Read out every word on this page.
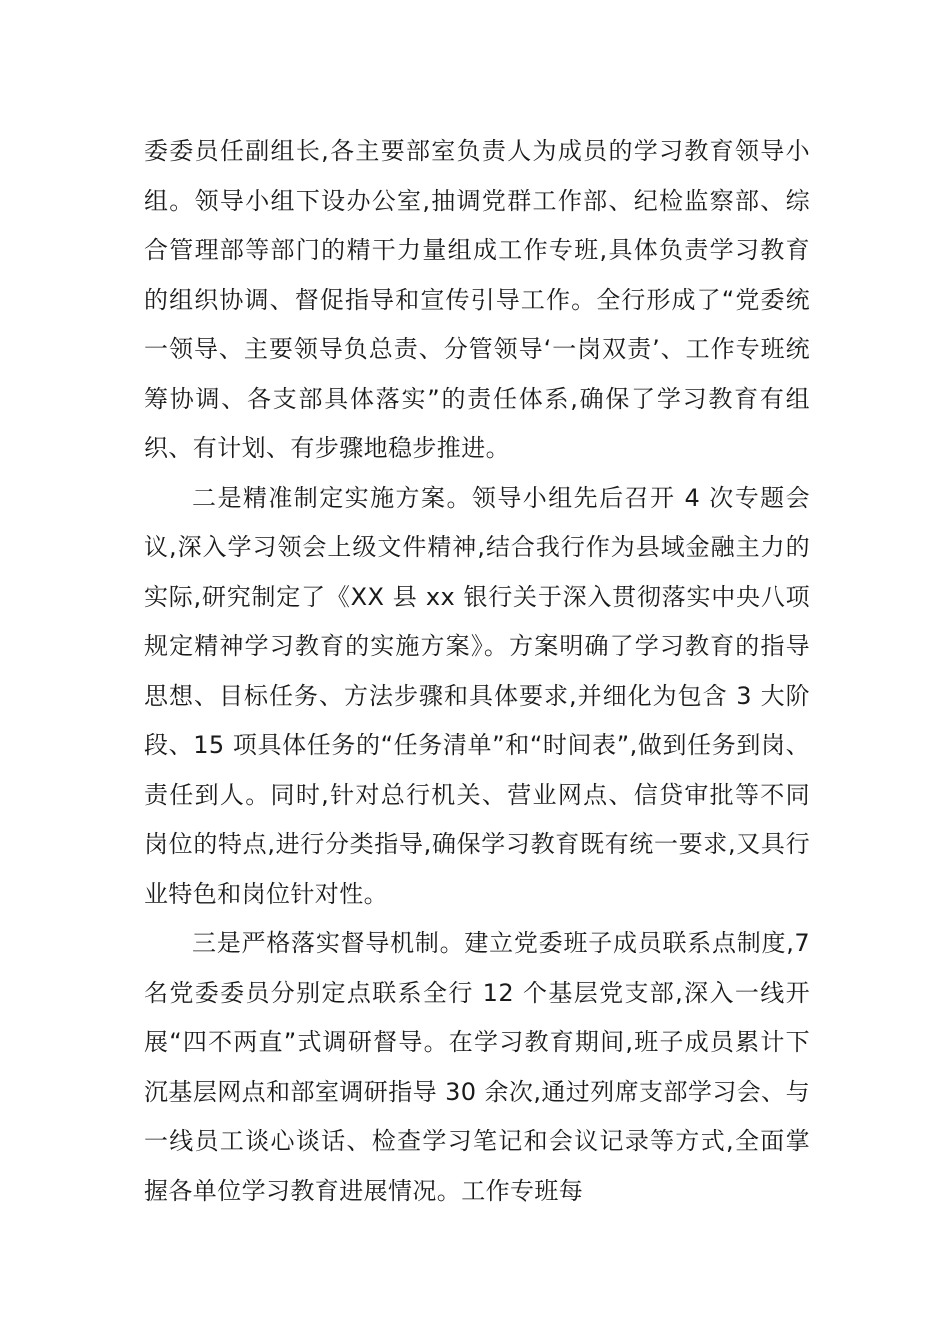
委委员任副组长,各主要部室负责人为成员的学习教育领导小组。领导小组下设办公室,抽调党群工作部、纪检监察部、综合管理部等部门的精干力量组成工作专班,具体负责学习教育的组织协调、督促指导和宣传引导工作。全行形成了“党委统一领导、主要领导负总责、分管领导‘一岗双责’、工作专班统筹协调、各支部具体落实”的责任体系,确保了学习教育有组织、有计划、有步骤地稳步推进。

二是精准制定实施方案。领导小组先后召开 4 次专题会议,深入学习领会上级文件精神,结合我行作为县域金融主力的实际,研究制定了《XX 县 xx 银行关于深入贯彻落实中央八项规定精神学习教育的实施方案》。方案明确了学习教育的指导思想、目标任务、方法步骤和具体要求,并细化为包含 3 大阶段、15 项具体任务的“任务清单”和“时间表”,做到任务到岗、责任到人。同时,针对总行机关、营业网点、信贷审批等不同岗位的特点,进行分类指导,确保学习教育既有统一要求,又具行业特色和岗位针对性。

三是严格落实督导机制。建立党委班子成员联系点制度,7 名党委委员分别定点联系全行 12 个基层党支部,深入一线开展“四不两直”式调研督导。在学习教育期间,班子成员累计下沉基层网点和部室调研指导 30 余次,通过列席支部学习会、与一线员工谈心谈话、检查学习笔记和会议记录等方式,全面掌握各单位学习教育进展情况。工作专班每
